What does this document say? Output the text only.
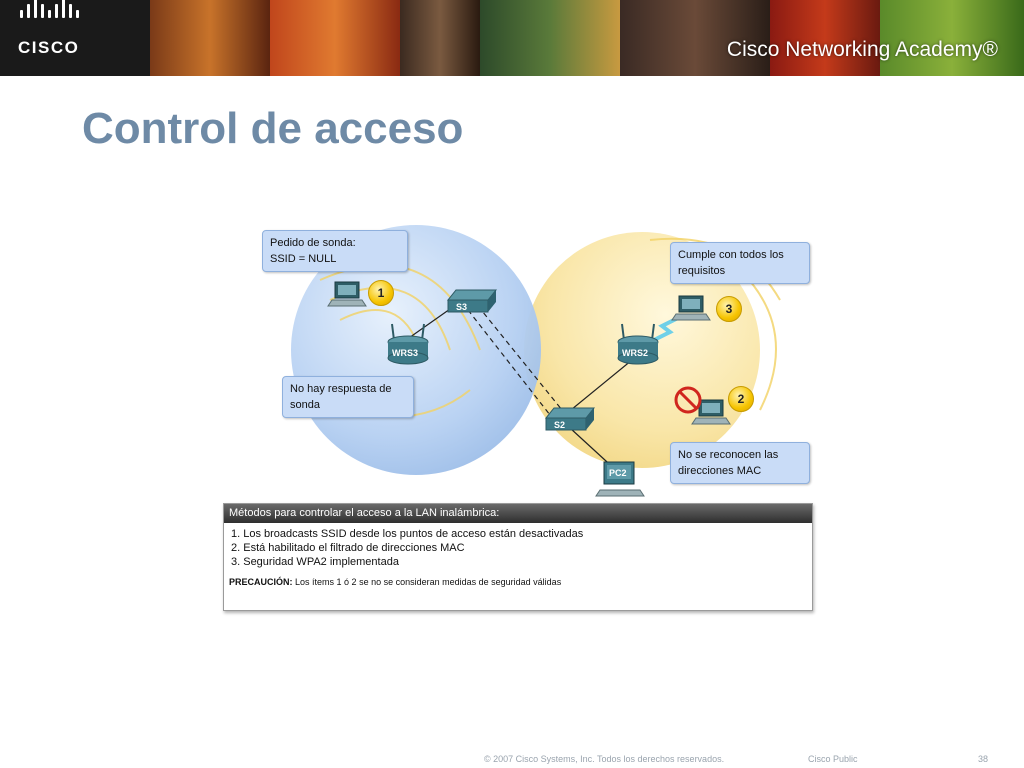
CISCO	Cisco Networking Academy®
Control de acceso
S3
S2
WRS3	WRS2
PC2
Pedido de sonda:
SSID = NULL
No hay respuesta de
sonda
Cumple con todos los
requisitos
No se reconocen las
direcciones MAC
1
3
2
Métodos para controlar el acceso a la LAN inalámbrica:
1. Los broadcasts SSID desde los puntos de acceso están desactivadas
2. Está habilitado el filtrado de direcciones MAC
3. Seguridad WPA2 implementada
PRECAUCIÓN: Los ítems 1 ó 2 se no se consideran medidas de seguridad válidas
© 2007 Cisco Systems, Inc. Todos los derechos reservados.	Cisco Public	38
